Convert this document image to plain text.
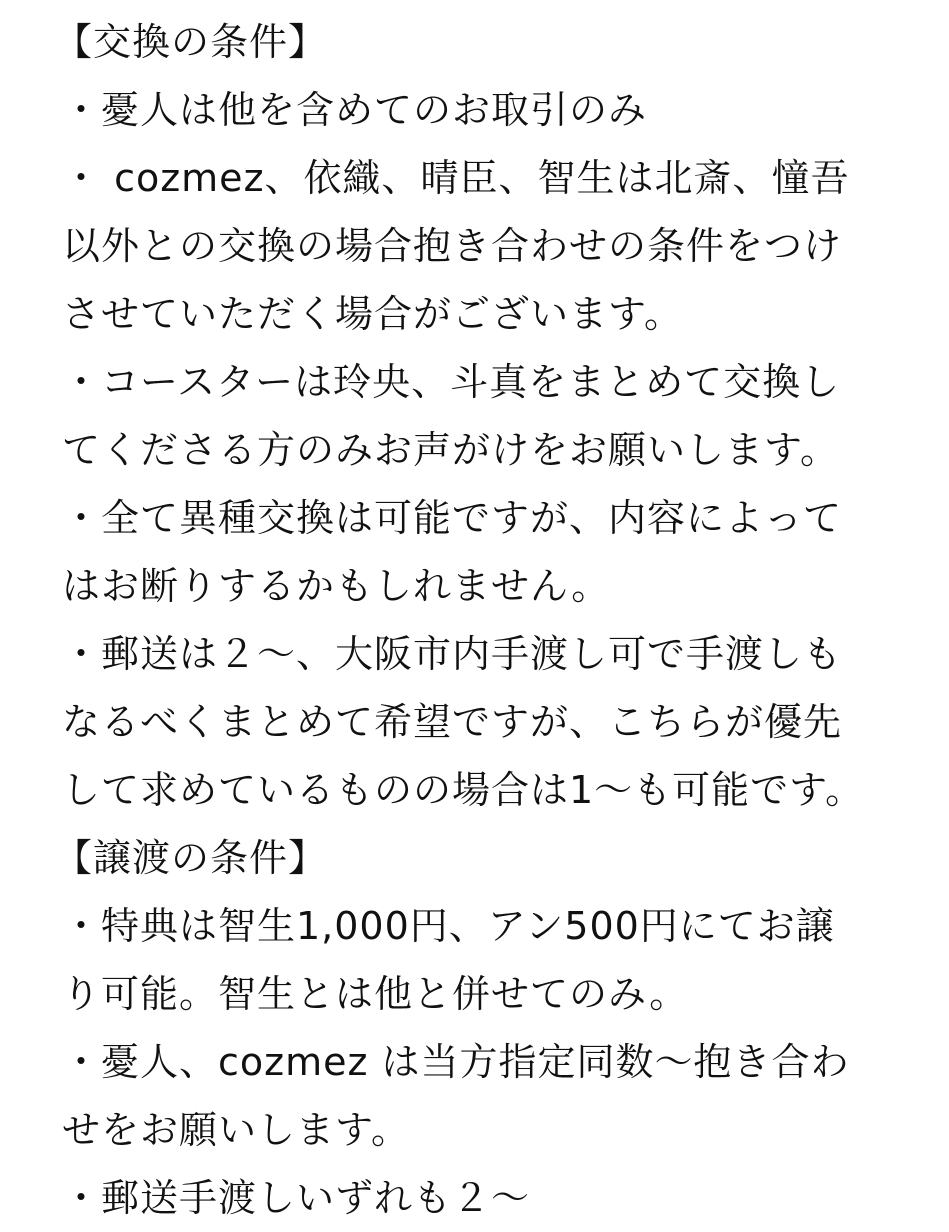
【交換の条件】
・憂人は他を含めてのお取引のみ
・ cozmez、依織、晴臣、智生は北斎、憧吾
以外との交換の場合抱き合わせの条件をつけ
させていただく場合がございます。
・コースターは玲央、斗真をまとめて交換し
てくださる方のみお声がけをお願いします。
・全て異種交換は可能ですが、内容によって
はお断りするかもしれません。
・郵送は２〜、大阪市内手渡し可で手渡しも
なるべくまとめて希望ですが、こちらが優先
して求めているものの場合は1〜も可能です。
【譲渡の条件】
・特典は智生1,000円、アン500円にてお譲
り可能。智生とは他と併せてのみ。
・憂人、cozmez は当方指定同数〜抱き合わ
せをお願いします。
・郵送手渡しいずれも２〜
